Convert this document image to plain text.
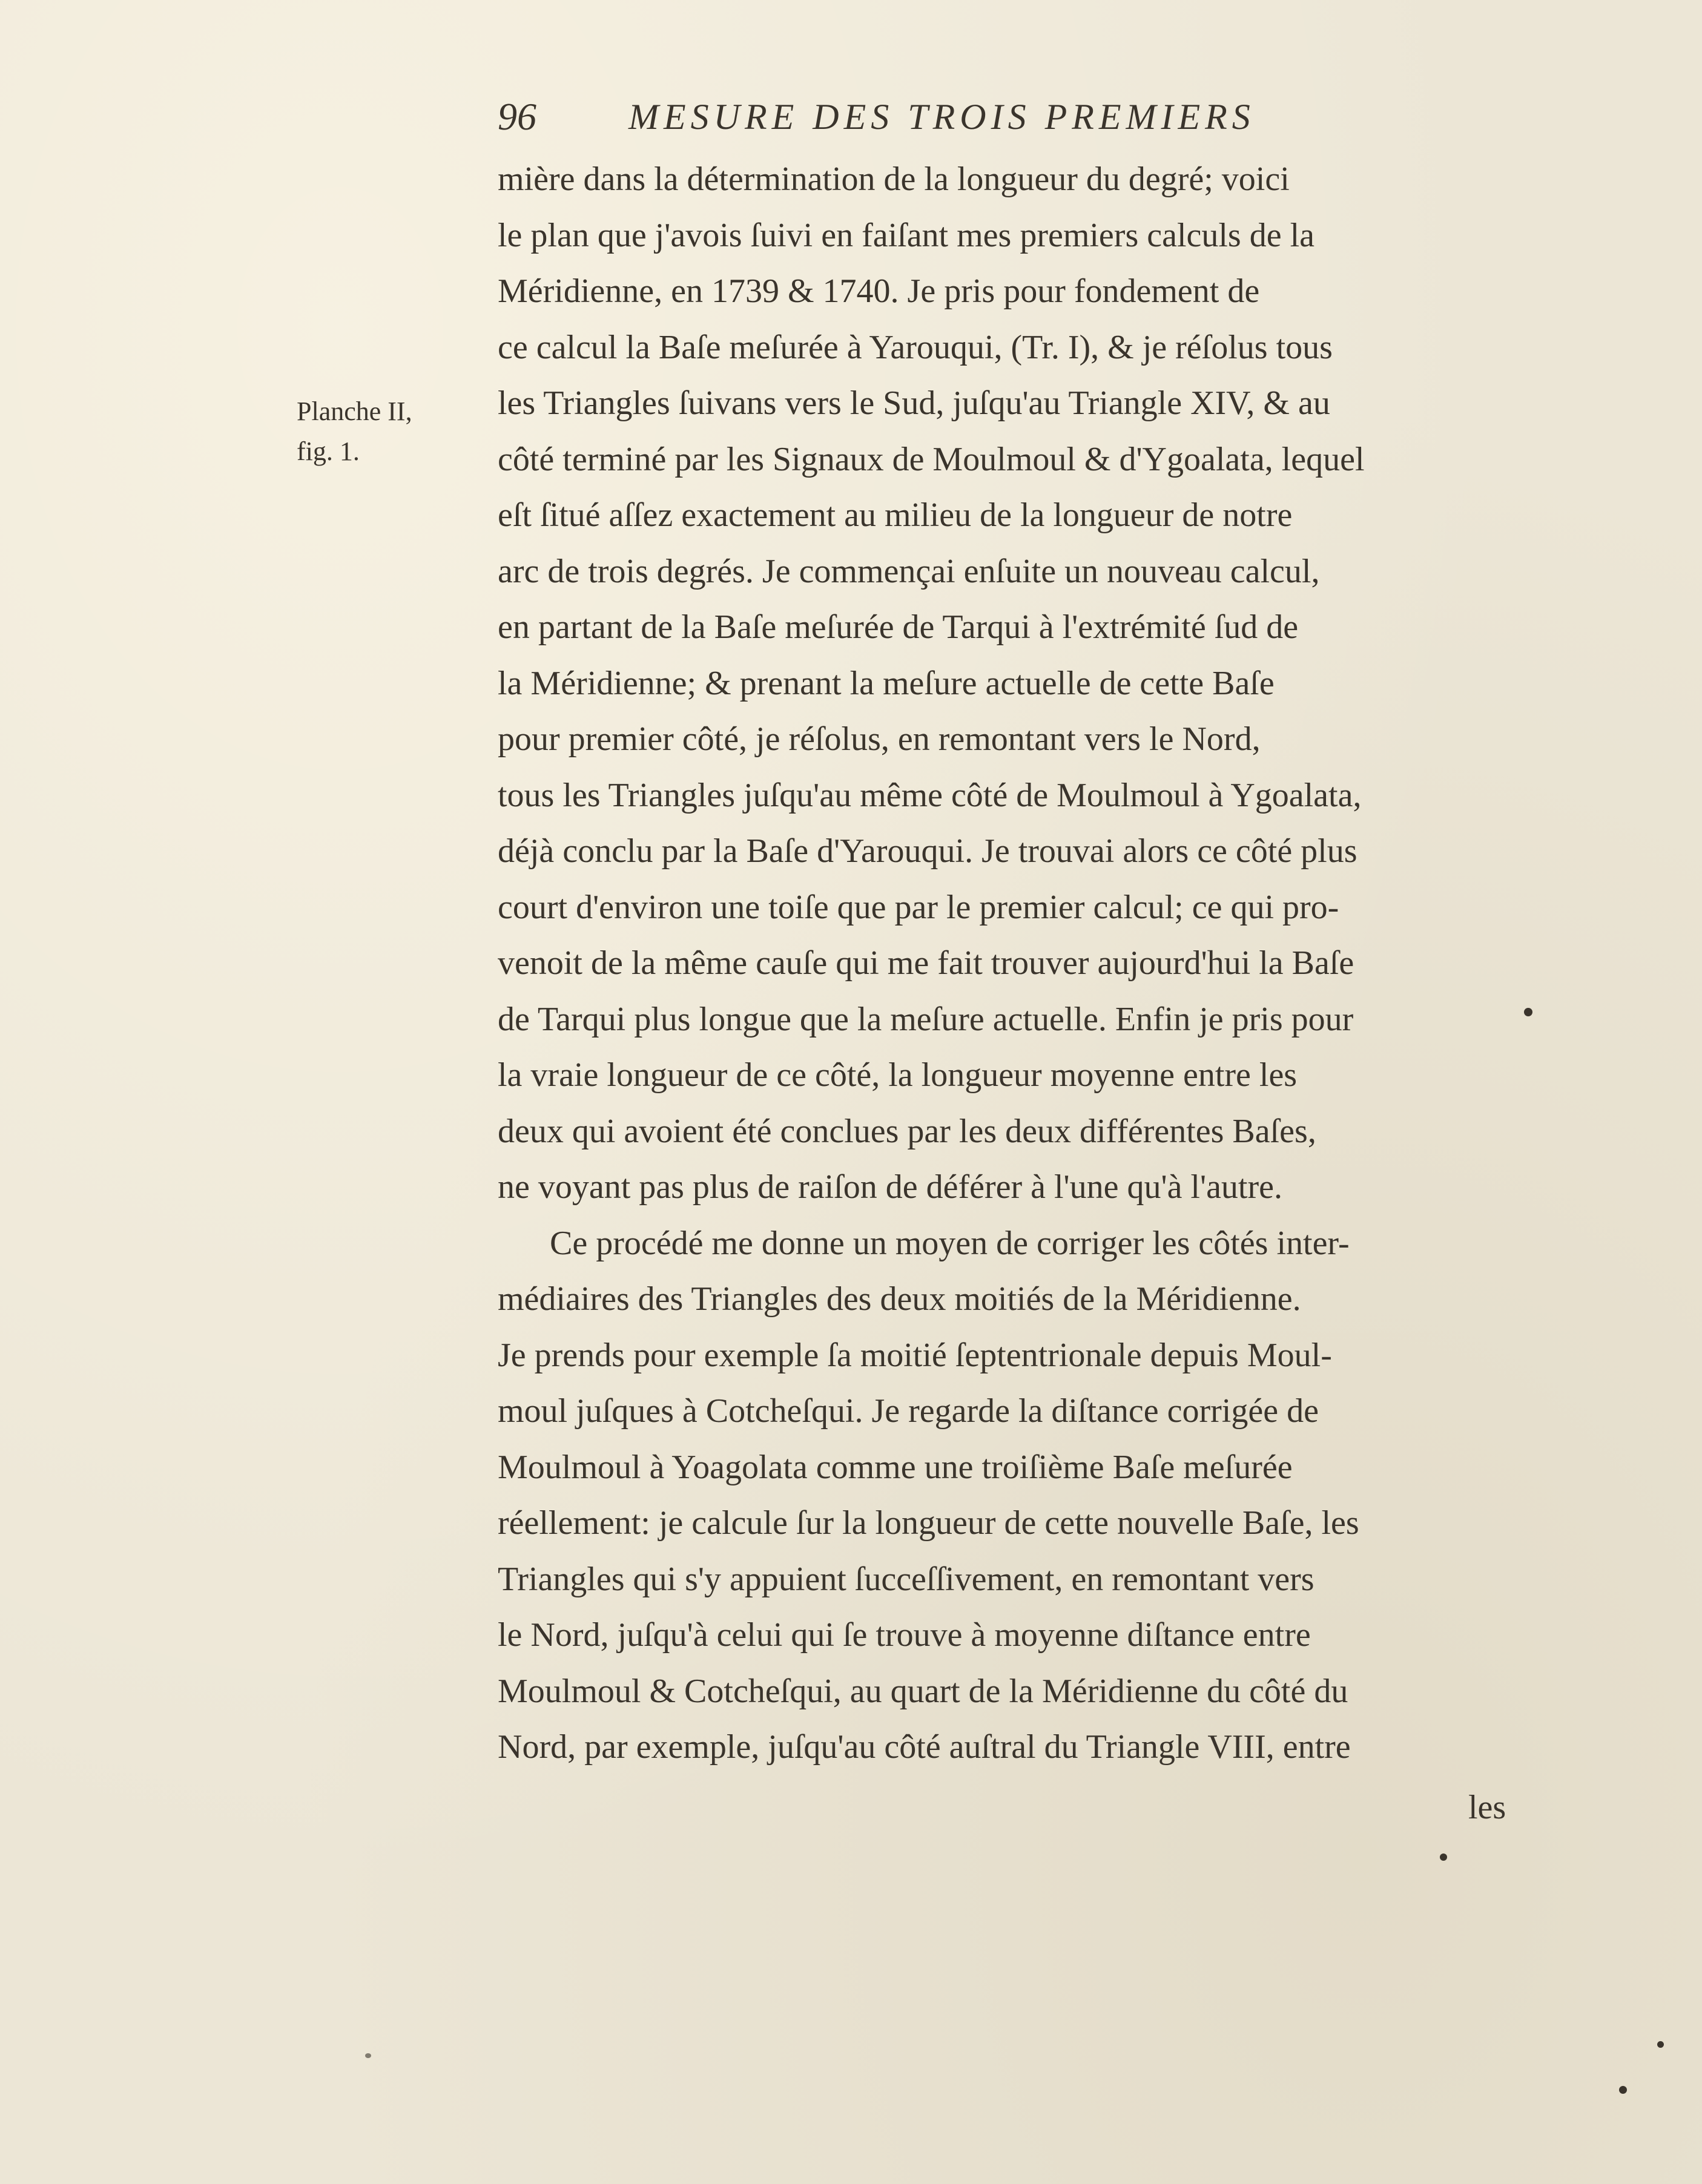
96	MESURE DES TROIS PREMIERS
Planche II,
fig. 1.
mière dans la détermination de la longueur du degré; voici
le plan que j'avois ſuivi en faiſant mes premiers calculs de la
Méridienne, en 1739 & 1740. Je pris pour fondement de
ce calcul la Baſe meſurée à Yarouqui, (Tr. I), & je réſolus tous
les Triangles ſuivans vers le Sud, juſqu'au Triangle XIV, & au
côté terminé par les Signaux de Moulmoul & d'Ygoalata, lequel
eſt ſitué aſſez exactement au milieu de la longueur de notre
arc de trois degrés. Je commençai enſuite un nouveau calcul,
en partant de la Baſe meſurée de Tarqui à l'extrémité ſud de
la Méridienne; & prenant la meſure actuelle de cette Baſe
pour premier côté, je réſolus, en remontant vers le Nord,
tous les Triangles juſqu'au même côté de Moulmoul à Ygoalata,
déjà conclu par la Baſe d'Yarouqui. Je trouvai alors ce côté plus
court d'environ une toiſe que par le premier calcul; ce qui pro-
venoit de la même cauſe qui me fait trouver aujourd'hui la Baſe
de Tarqui plus longue que la meſure actuelle. Enfin je pris pour
la vraie longueur de ce côté, la longueur moyenne entre les
deux qui avoient été conclues par les deux différentes Baſes,
ne voyant pas plus de raiſon de déférer à l'une qu'à l'autre.
Ce procédé me donne un moyen de corriger les côtés inter-
médiaires des Triangles des deux moitiés de la Méridienne.
Je prends pour exemple ſa moitié ſeptentrionale depuis Moul-
moul juſques à Cotcheſqui. Je regarde la diſtance corrigée de
Moulmoul à Yoagolata comme une troiſième Baſe meſurée
réellement: je calcule ſur la longueur de cette nouvelle Baſe, les
Triangles qui s'y appuient ſucceſſivement, en remontant vers
le Nord, juſqu'à celui qui ſe trouve à moyenne diſtance entre
Moulmoul & Cotcheſqui, au quart de la Méridienne du côté du
Nord, par exemple, juſqu'au côté auſtral du Triangle VIII, entre
les
